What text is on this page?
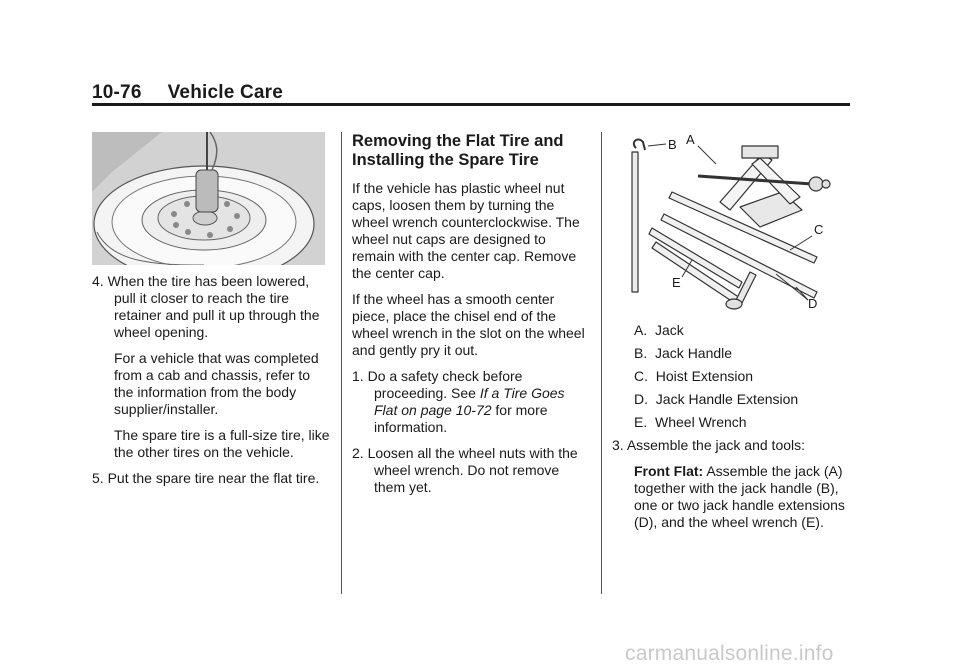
10-76 Vehicle Care

4. When the tire has been lowered, pull it closer to reach the tire retainer and pull it up through the wheel opening.

For a vehicle that was completed from a cab and chassis, refer to the information from the body supplier/installer.

The spare tire is a full-size tire, like the other tires on the vehicle.

5. Put the spare tire near the flat tire.

Removing the Flat Tire and Installing the Spare Tire

If the vehicle has plastic wheel nut caps, loosen them by turning the wheel wrench counterclockwise. The wheel nut caps are designed to remain with the center cap. Remove the center cap.

If the wheel has a smooth center piece, place the chisel end of the wheel wrench in the slot on the wheel and gently pry it out.

1. Do a safety check before proceeding. See If a Tire Goes Flat on page 10-72 for more information.

2. Loosen all the wheel nuts with the wheel wrench. Do not remove them yet.

B A
C
D
E

A. Jack

B. Jack Handle

C. Hoist Extension

D. Jack Handle Extension

E. Wheel Wrench

3. Assemble the jack and tools:

Front Flat: Assemble the jack (A) together with the jack handle (B), one or two jack handle extensions (D), and the wheel wrench (E).

carmanualsonline.info
